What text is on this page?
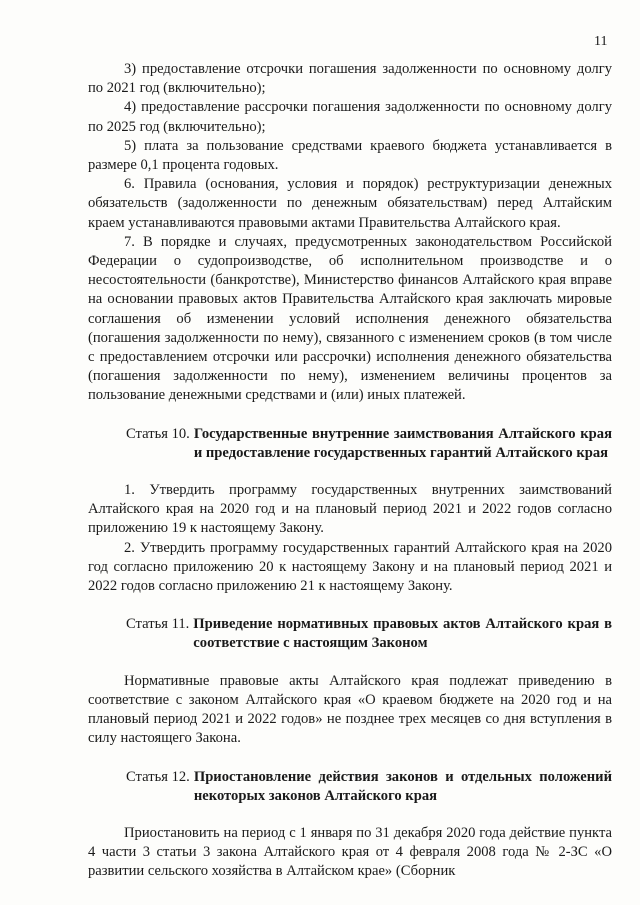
11

3) предоставление отсрочки погашения задолженности по основному долгу по 2021 год (включительно);

4) предоставление рассрочки погашения задолженности по основному долгу по 2025 год (включительно);

5) плата за пользование средствами краевого бюджета устанавливается в размере 0,1 процента годовых.

6. Правила (основания, условия и порядок) реструктуризации денежных обязательств (задолженности по денежным обязательствам) перед Алтайским краем устанавливаются правовыми актами Правительства Алтайского края.

7. В порядке и случаях, предусмотренных законодательством Российской Федерации о судопроизводстве, об исполнительном производстве и о несостоятельности (банкротстве), Министерство финансов Алтайского края вправе на основании правовых актов Правительства Алтайского края заключать мировые соглашения об изменении условий исполнения денежного обязательства (погашения задолженности по нему), связанного с изменением сроков (в том числе с предоставлением отсрочки или рассрочки) исполнения денежного обязательства (погашения задолженности по нему), изменением величины процентов за пользование денежными средствами и (или) иных платежей.

Статья 10. Государственные внутренние заимствования Алтайского края и предоставление государственных гарантий Алтайского края

1. Утвердить программу государственных внутренних заимствований Алтайского края на 2020 год и на плановый период 2021 и 2022 годов согласно приложению 19 к настоящему Закону.

2. Утвердить программу государственных гарантий Алтайского края на 2020 год согласно приложению 20 к настоящему Закону и на плановый период 2021 и 2022 годов согласно приложению 21 к настоящему Закону.

Статья 11. Приведение нормативных правовых актов Алтайского края в соответствие с настоящим Законом

Нормативные правовые акты Алтайского края подлежат приведению в соответствие с законом Алтайского края «О краевом бюджете на 2020 год и на плановый период 2021 и 2022 годов» не позднее трех месяцев со дня вступления в силу настоящего Закона.

Статья 12. Приостановление действия законов и отдельных положений некоторых законов Алтайского края

Приостановить на период с 1 января по 31 декабря 2020 года действие пункта 4 части 3 статьи 3 закона Алтайского края от 4 февраля 2008 года № 2-ЗС «О развитии сельского хозяйства в Алтайском крае» (Сборник
